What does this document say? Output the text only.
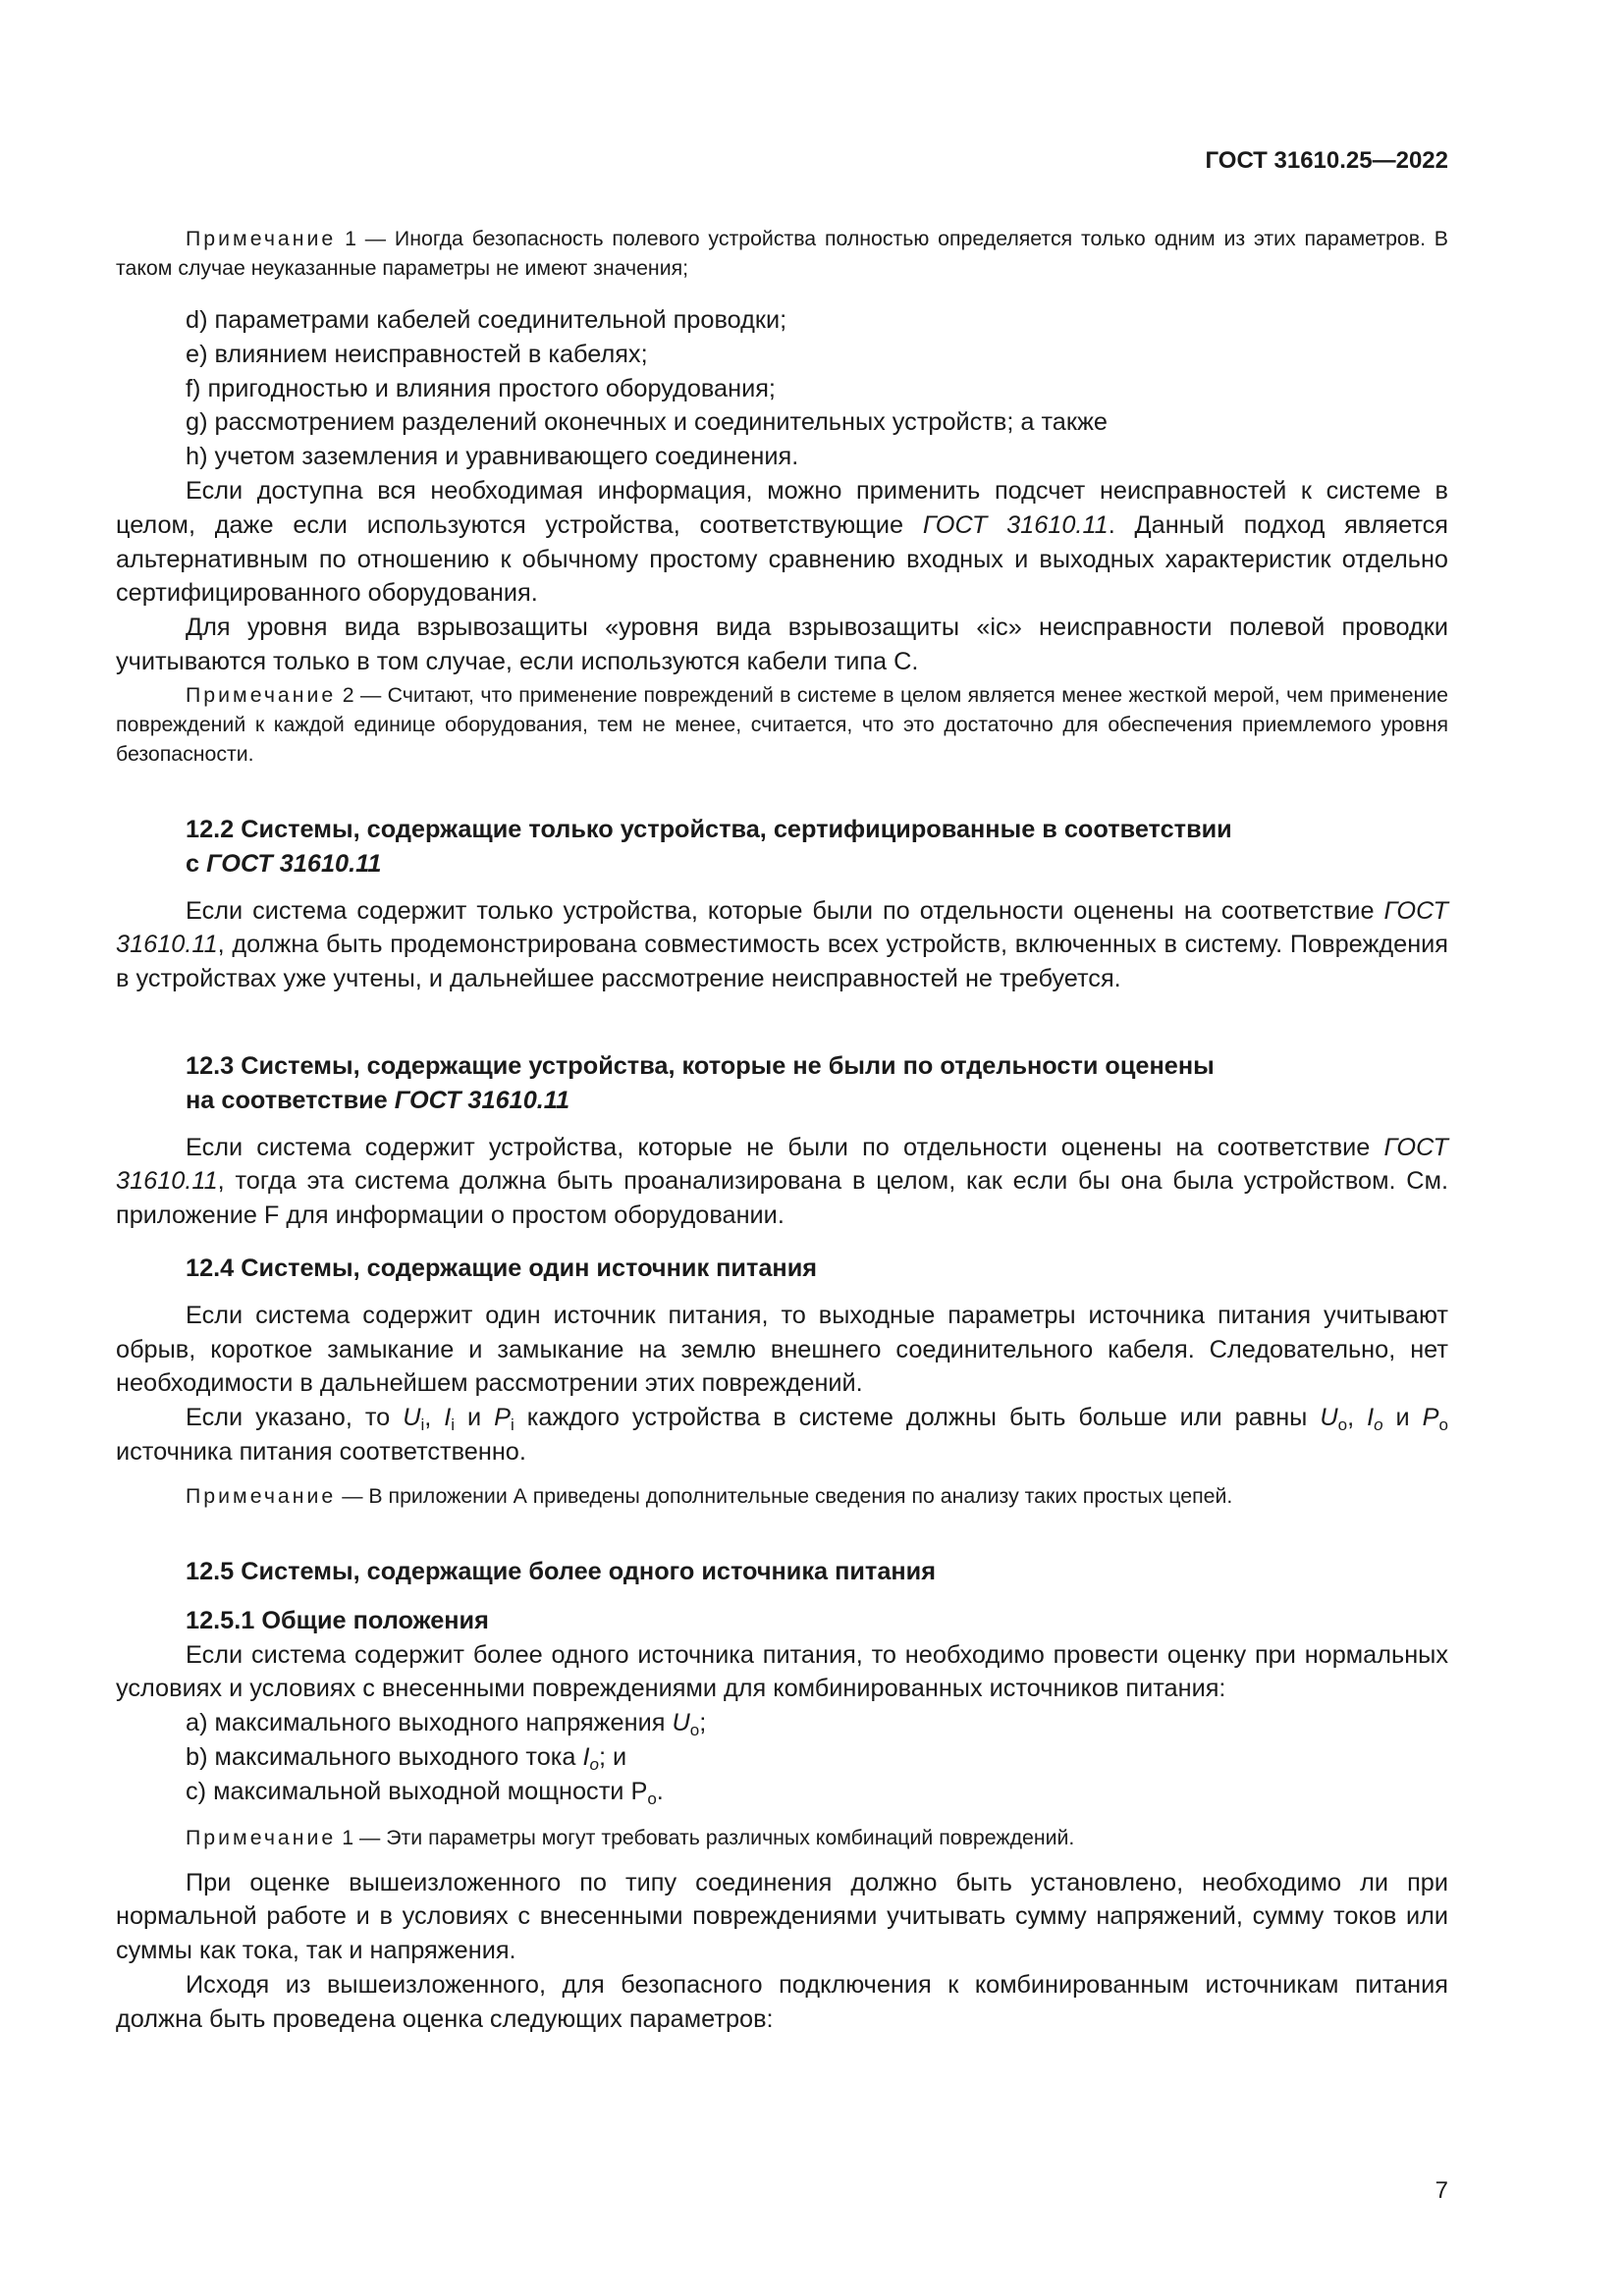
ГОСТ 31610.25—2022

Примечание 1 — Иногда безопасность полевого устройства полностью определяется только одним из этих параметров. В таком случае неуказанные параметры не имеют значения;

d) параметрами кабелей соединительной проводки;

e) влиянием неисправностей в кабелях;

f) пригодностью и влияния простого оборудования;

g) рассмотрением разделений оконечных и соединительных устройств; а также

h) учетом заземления и уравнивающего соединения.

Если доступна вся необходимая информация, можно применить подсчет неисправностей к системе в целом, даже если используются устройства, соответствующие ГОСТ 31610.11. Данный подход является альтернативным по отношению к обычному простому сравнению входных и выходных характеристик отдельно сертифицированного оборудования.

Для уровня вида взрывозащиты «уровня вида взрывозащиты «ic» неисправности полевой проводки учитываются только в том случае, если используются кабели типа С.

Примечание 2 — Считают, что применение повреждений в системе в целом является менее жесткой мерой, чем применение повреждений к каждой единице оборудования, тем не менее, считается, что это достаточно для обеспечения приемлемого уровня безопасности.

12.2 Системы, содержащие только устройства, сертифицированные в соответствии
с ГОСТ 31610.11

Если система содержит только устройства, которые были по отдельности оценены на соответствие ГОСТ 31610.11, должна быть продемонстрирована совместимость всех устройств, включенных в систему. Повреждения в устройствах уже учтены, и дальнейшее рассмотрение неисправностей не требуется.

12.3 Системы, содержащие устройства, которые не были по отдельности оценены
на соответствие ГОСТ 31610.11

Если система содержит устройства, которые не были по отдельности оценены на соответствие ГОСТ 31610.11, тогда эта система должна быть проанализирована в целом, как если бы она была устройством. См. приложение F для информации о простом оборудовании.

12.4 Системы, содержащие один источник питания

Если система содержит один источник питания, то выходные параметры источника питания учитывают обрыв, короткое замыкание и замыкание на землю внешнего соединительного кабеля. Следовательно, нет необходимости в дальнейшем рассмотрении этих повреждений.

Если указано, то $U_i$, $I_i$ и $P_i$ каждого устройства в системе должны быть больше или равны $U_o$, $I_o$ и $P_o$ источника питания соответственно.

Примечание — В приложении А приведены дополнительные сведения по анализу таких простых цепей.

12.5 Системы, содержащие более одного источника питания

12.5.1 Общие положения

Если система содержит более одного источника питания, то необходимо провести оценку при нормальных условиях и условиях с внесенными повреждениями для комбинированных источников питания:

a) максимального выходного напряжения $U_o$;

b) максимального выходного тока $I_o$; и

c) максимальной выходной мощности $P_o$.

Примечание 1 — Эти параметры могут требовать различных комбинаций повреждений.

При оценке вышеизложенного по типу соединения должно быть установлено, необходимо ли при нормальной работе и в условиях с внесенными повреждениями учитывать сумму напряжений, сумму токов или суммы как тока, так и напряжения.

Исходя из вышеизложенного, для безопасного подключения к комбинированным источникам питания должна быть проведена оценка следующих параметров:

7
